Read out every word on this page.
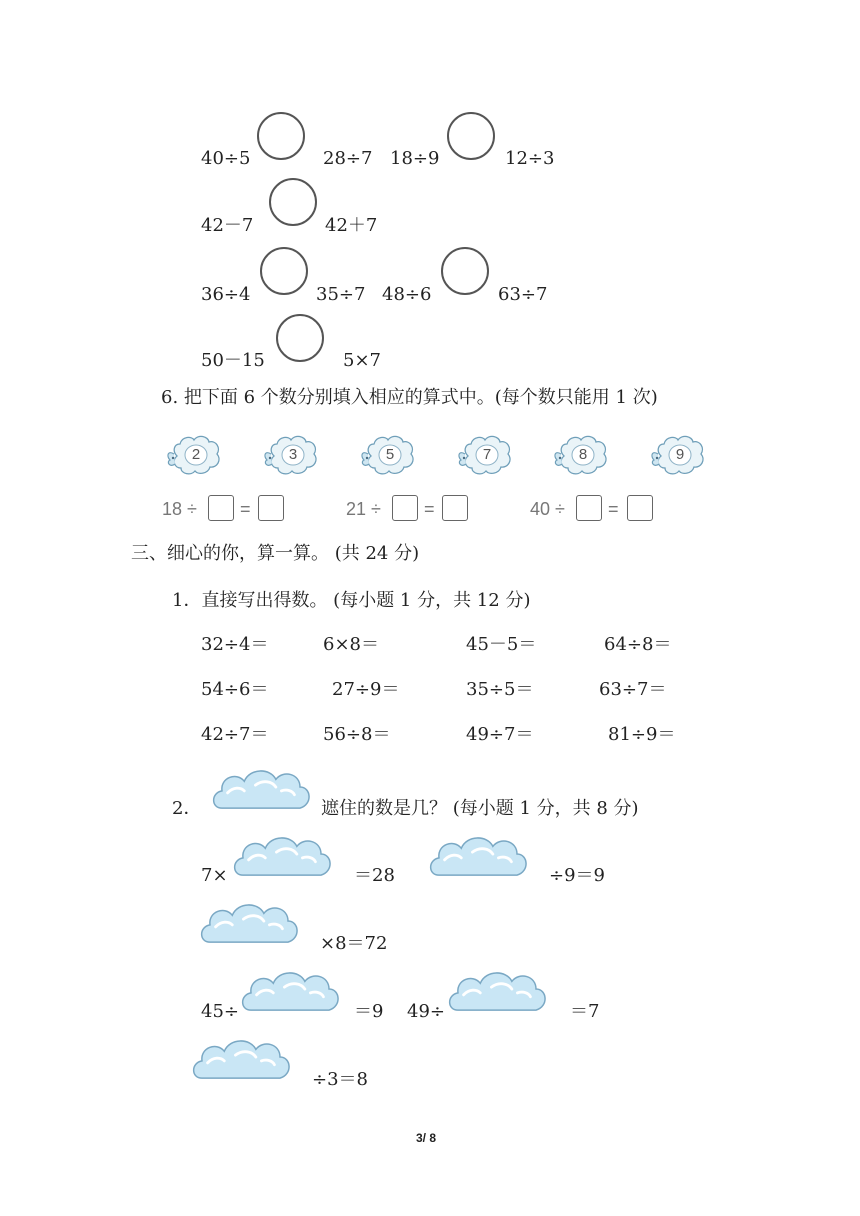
40÷5	28÷7 18÷9	12÷3
42－7	42＋7
36÷4	35÷7 48÷6	63÷7
50－15	5×7
6. 把下面 6 个数分别填入相应的算式中。(每个数只能用 1 次)
2	3	5	7	8	9
18 ÷ =	21 ÷ =	40 ÷ =
三、细心的你，算一算。 (共 24 分)
1．直接写出得数。 (每小题 1 分，共 12 分)
32÷4＝	6×8＝	45－5＝	64÷8＝
54÷6＝	27÷9＝	35÷5＝	63÷7＝
42÷7＝	56÷8＝	49÷7＝	81÷9＝
2．	遮住的数是几？ (每小题 1 分，共 8 分)
7×	＝28	÷9＝9
×8＝72
45÷	＝9 49÷	＝7
÷3＝8
3/ 8
